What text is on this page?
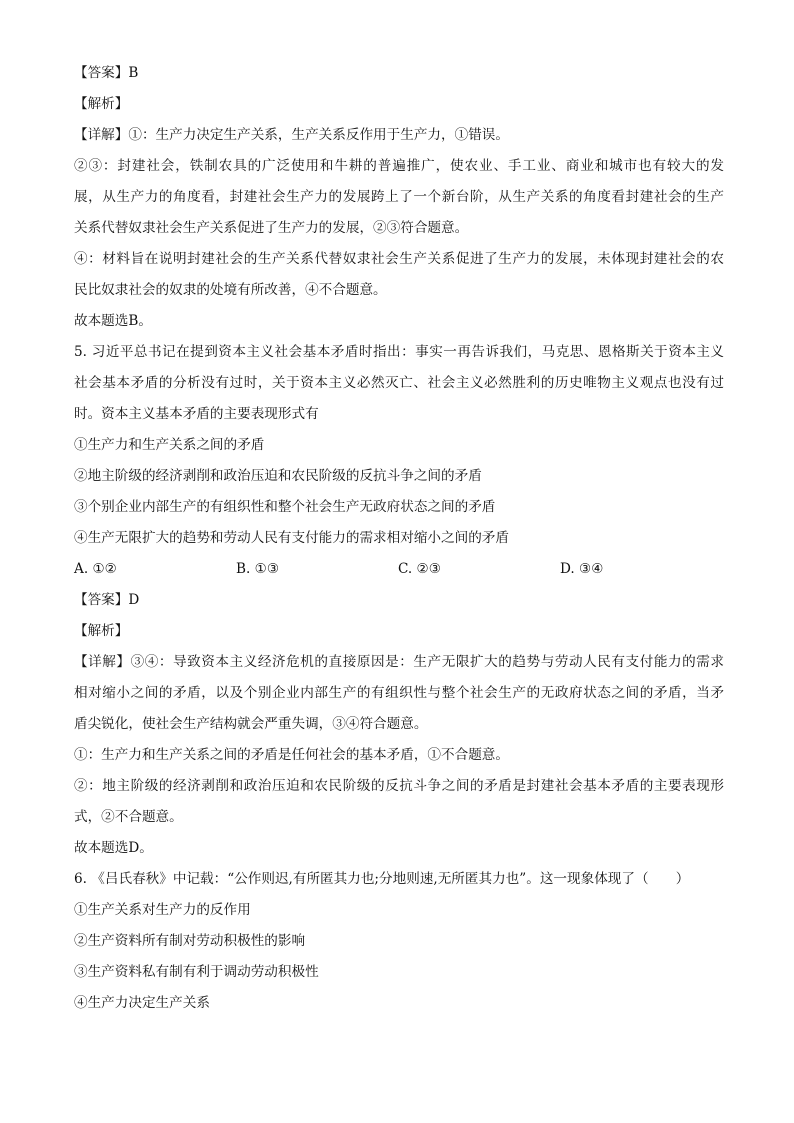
【答案】B
【解析】
【详解】①：生产力决定生产关系，生产关系反作用于生产力，①错误。
②③：封建社会，铁制农具的广泛使用和牛耕的普遍推广，使农业、手工业、商业和城市也有较大的发
展，从生产力的角度看，封建社会生产力的发展跨上了一个新台阶，从生产关系的角度看封建社会的生产
关系代替奴隶社会生产关系促进了生产力的发展，②③符合题意。
④：材料旨在说明封建社会的生产关系代替奴隶社会生产关系促进了生产力的发展，未体现封建社会的农
民比奴隶社会的奴隶的处境有所改善，④不合题意。
故本题选B。
5. 习近平总书记在提到资本主义社会基本矛盾时指出：事实一再告诉我们，马克思、恩格斯关于资本主义
社会基本矛盾的分析没有过时，关于资本主义必然灭亡、社会主义必然胜利的历史唯物主义观点也没有过
时。资本主义基本矛盾的主要表现形式有
①生产力和生产关系之间的矛盾
②地主阶级的经济剥削和政治压迫和农民阶级的反抗斗争之间的矛盾
③个别企业内部生产的有组织性和整个社会生产无政府状态之间的矛盾
④生产无限扩大的趋势和劳动人民有支付能力的需求相对缩小之间的矛盾
A. ①②	B. ①③	C. ②③	D. ③④
【答案】D
【解析】
【详解】③④：导致资本主义经济危机的直接原因是：生产无限扩大的趋势与劳动人民有支付能力的需求
相对缩小之间的矛盾，以及个别企业内部生产的有组织性与整个社会生产的无政府状态之间的矛盾，当矛
盾尖锐化，使社会生产结构就会严重失调，③④符合题意。
①：生产力和生产关系之间的矛盾是任何社会的基本矛盾，①不合题意。
②：地主阶级的经济剥削和政治压迫和农民阶级的反抗斗争之间的矛盾是封建社会基本矛盾的主要表现形
式，②不合题意。
故本题选D。
6. 《吕氏春秋》中记载：“公作则迟,有所匿其力也;分地则速,无所匿其力也”。这一现象体现了（　　）
①生产关系对生产力的反作用
②生产资料所有制对劳动积极性的影响
③生产资料私有制有利于调动劳动积极性
④生产力决定生产关系
